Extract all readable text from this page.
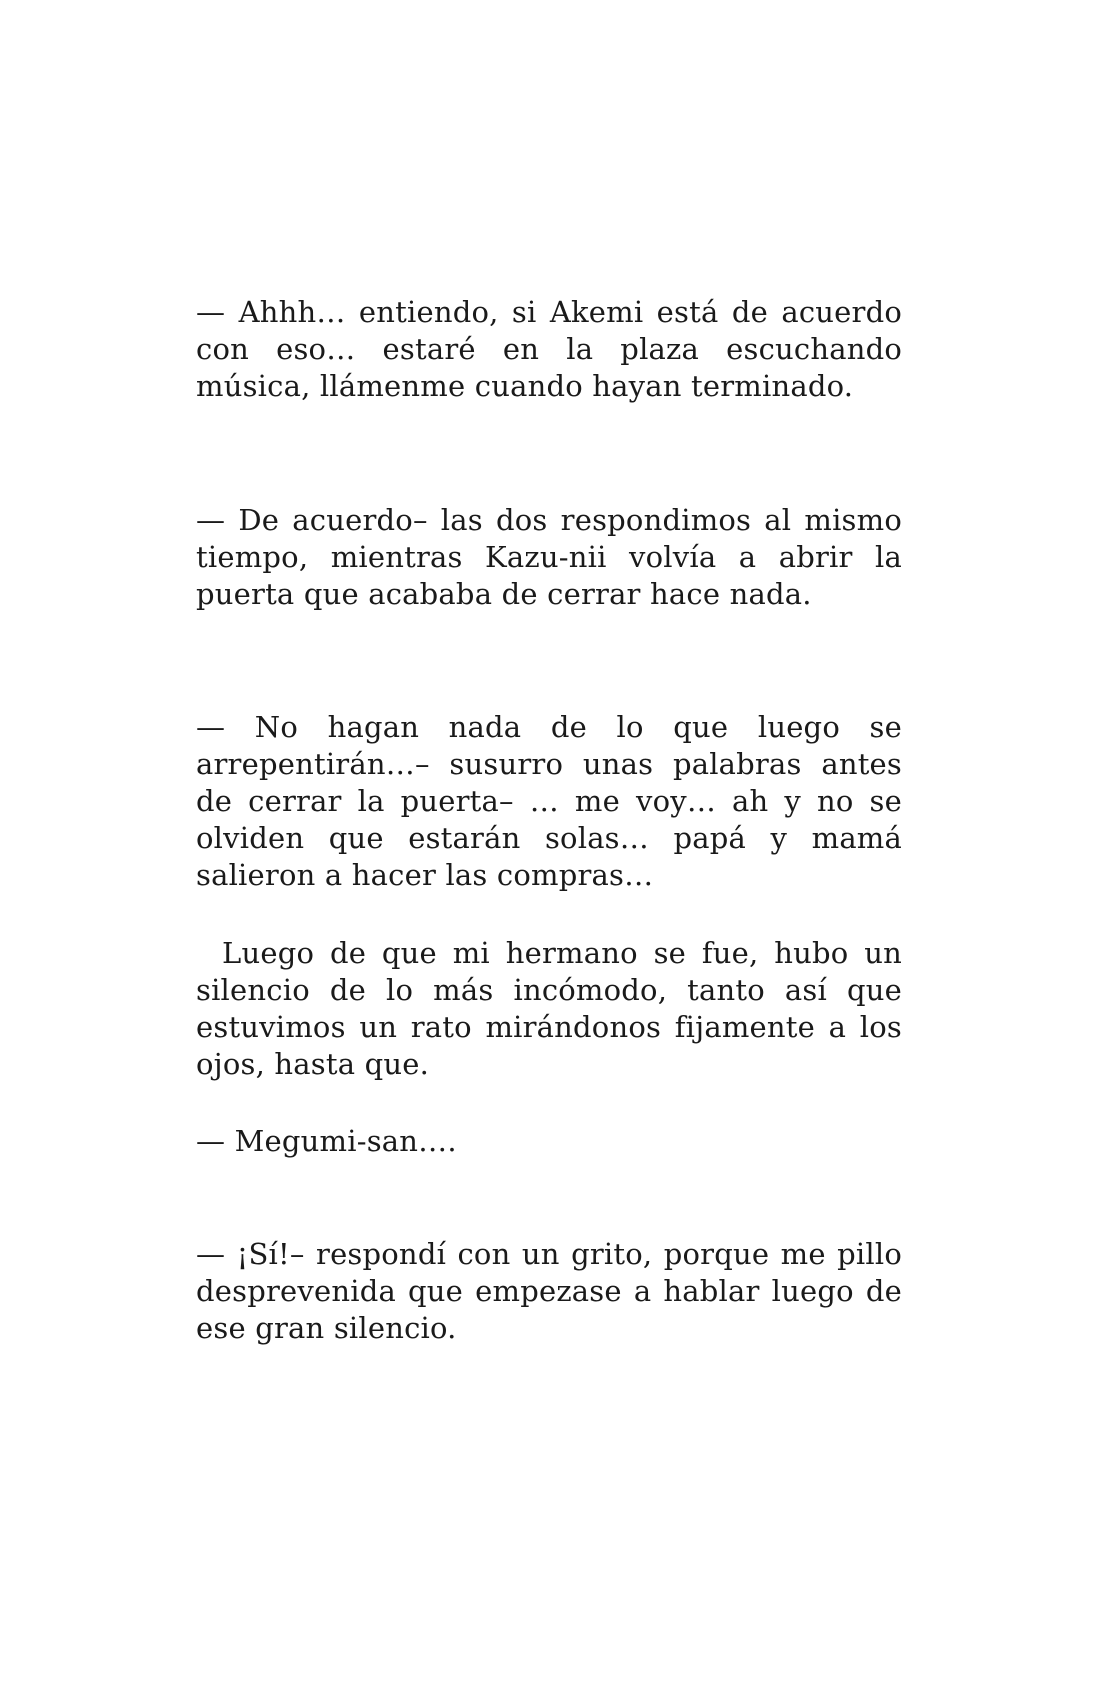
— Ahhh… entiendo, si Akemi está de acuerdo con eso… estaré en la plaza escuchando música, llámenme cuando hayan terminado.

— De acuerdo– las dos respondimos al mismo tiempo, mientras Kazu-nii volvía a abrir la puerta que acababa de cerrar hace nada.

— No hagan nada de lo que luego se arrepentirán…– susurro unas palabras antes de cerrar la puerta– … me voy… ah y no se olviden que estarán solas… papá y mamá salieron a hacer las compras…

Luego de que mi hermano se fue, hubo un silencio de lo más incómodo, tanto así que estuvimos un rato mirándonos fijamente a los ojos, hasta que.

— Megumi-san….

— ¡Sí!– respondí con un grito, porque me pillo desprevenida que empezase a hablar luego de ese gran silencio.
